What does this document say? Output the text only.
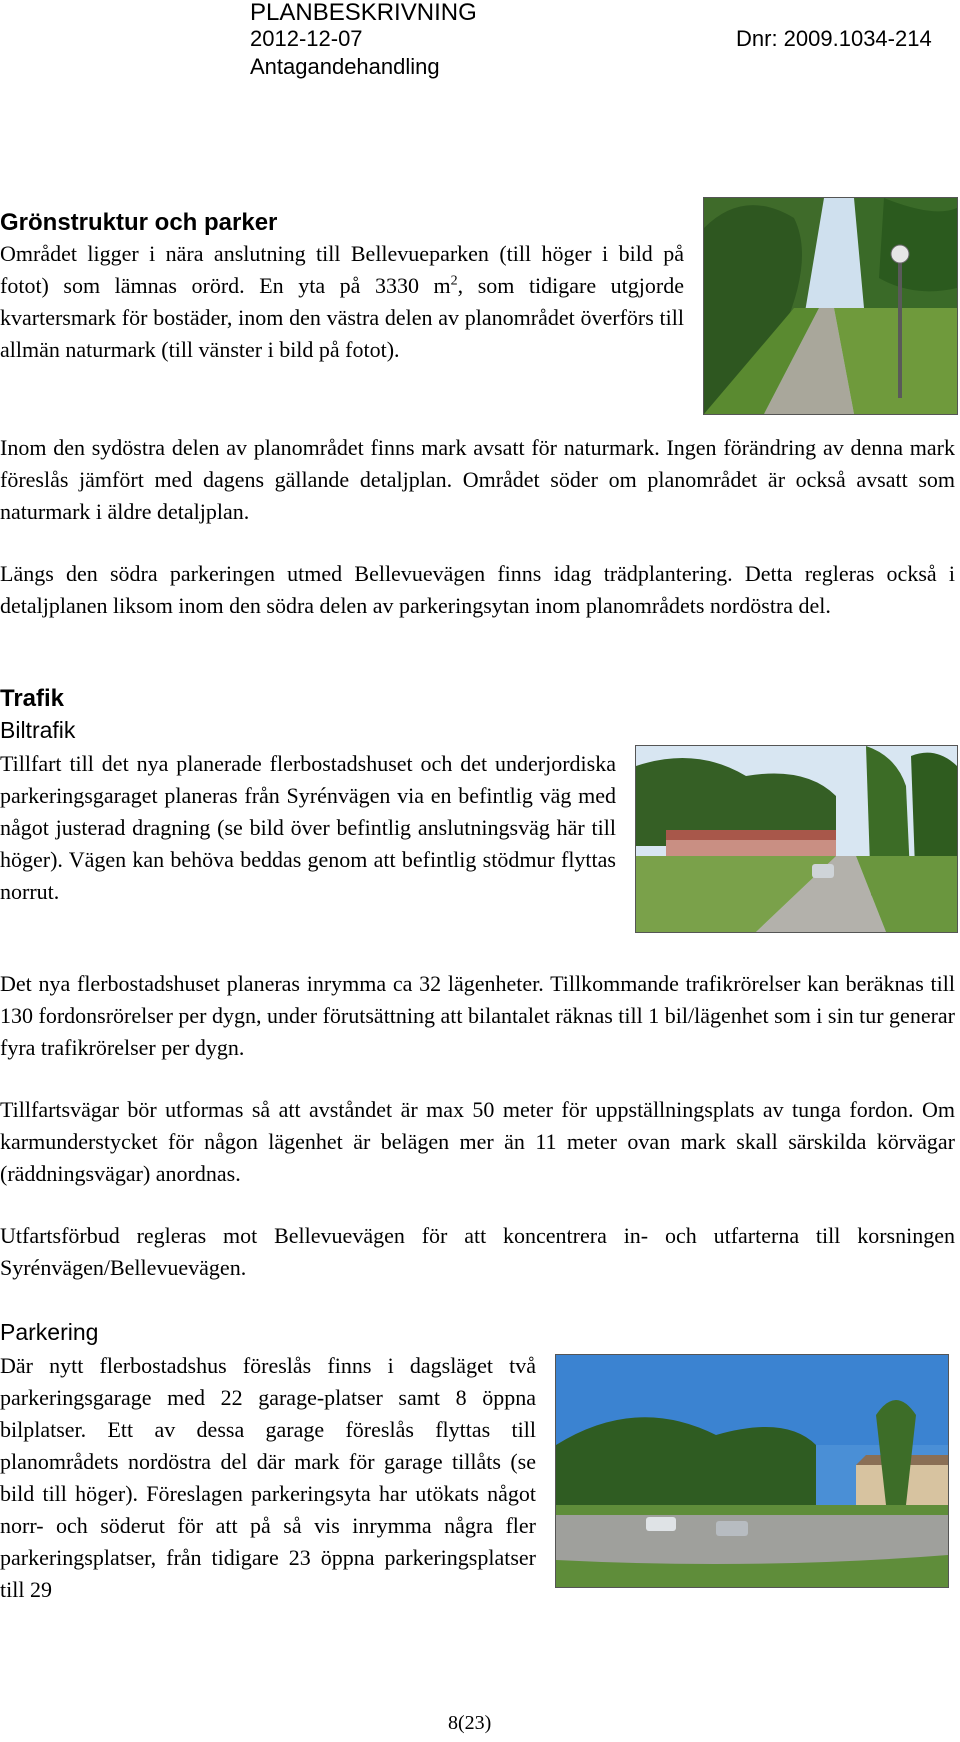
PLANBESKRIVNING
2012-12-07	Dnr: 2009.1034-214
Antagandehandling
Grönstruktur och parker
Området ligger i nära anslutning till Bellevueparken (till höger i bild på fotot) som lämnas orörd. En yta på 3330 $m^2$, som tidigare utgjorde kvartersmark för bostäder, inom den västra delen av planområdet överförs till allmän naturmark (till vänster i bild på fotot).
Inom den sydöstra delen av planområdet finns mark avsatt för naturmark. Ingen förändring av denna mark föreslås jämfört med dagens gällande detaljplan. Området söder om planområdet är också avsatt som naturmark i äldre detaljplan.
Längs den södra parkeringen utmed Bellevuevägen finns idag trädplantering. Detta regleras också i detaljplanen liksom inom den södra delen av parkeringsytan inom planområdets nordöstra del.
Trafik
Biltrafik
Tillfart till det nya planerade flerbostadshuset och det underjordiska parkeringsgaraget planeras från Syrénvägen via en befintlig väg med något justerad dragning (se bild över befintlig anslutningsväg här till höger). Vägen kan behöva beddas genom att befintlig stödmur flyttas norrut.
Det nya flerbostadshuset planeras inrymma ca 32 lägenheter. Tillkommande trafikrörelser kan beräknas till 130 fordonsrörelser per dygn, under förutsättning att bilantalet räknas till 1 bil/lägenhet som i sin tur generar fyra trafikrörelser per dygn.
Tillfartsvägar bör utformas så att avståndet är max 50 meter för uppställningsplats av tunga fordon. Om karmunderstycket för någon lägenhet är belägen mer än 11 meter ovan mark skall särskilda körvägar (räddningsvägar) anordnas.
Utfartsförbud regleras mot Bellevuevägen för att koncentrera in- och utfarterna till korsningen Syrénvägen/Bellevuevägen.
Parkering
Där nytt flerbostadshus föreslås finns i dagsläget två parkeringsgarage med 22 garage-platser samt 8 öppna bilplatser. Ett av dessa garage föreslås flyttas till planområdets nordöstra del där mark för garage tillåts (se bild till höger). Föreslagen parkeringsyta har utökats något norr- och söderut för att på så vis inrymma några fler parkeringsplatser, från tidigare 23 öppna parkeringsplatser till 29
8(23)
